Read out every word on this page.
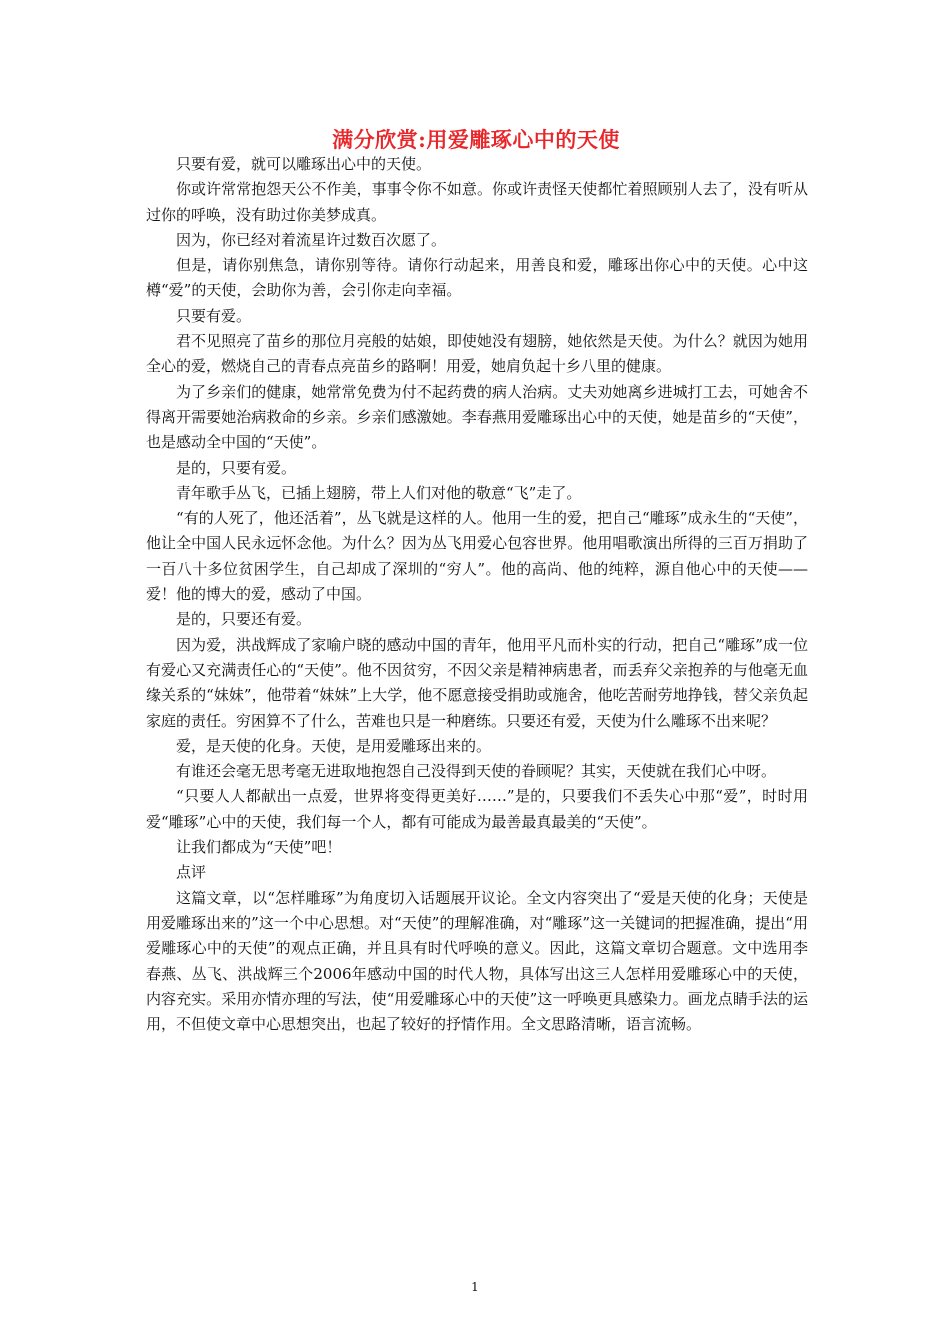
满分欣赏:用爱雕琢心中的天使

只要有爱，就可以雕琢出心中的天使。

你或许常常抱怨天公不作美，事事令你不如意。你或许责怪天使都忙着照顾别人去了，没有听从过你的呼唤，没有助过你美梦成真。

因为，你已经对着流星许过数百次愿了。

但是，请你别焦急，请你别等待。请你行动起来，用善良和爱，雕琢出你心中的天使。心中这樽“爱”的天使，会助你为善，会引你走向幸福。

只要有爱。

君不见照亮了苗乡的那位月亮般的姑娘，即使她没有翅膀，她依然是天使。为什么？就因为她用全心的爱，燃烧自己的青春点亮苗乡的路啊！用爱，她肩负起十乡八里的健康。

为了乡亲们的健康，她常常免费为付不起药费的病人治病。丈夫劝她离乡进城打工去，可她舍不得离开需要她治病救命的乡亲。乡亲们感激她。李春燕用爱雕琢出心中的天使，她是苗乡的“天使”，也是感动全中国的“天使”。

是的，只要有爱。

青年歌手丛飞，已插上翅膀，带上人们对他的敬意“飞”走了。

“有的人死了，他还活着”，丛飞就是这样的人。他用一生的爱，把自己“雕琢”成永生的“天使”，他让全中国人民永远怀念他。为什么？因为丛飞用爱心包容世界。他用唱歌演出所得的三百万捐助了一百八十多位贫困学生，自己却成了深圳的“穷人”。他的高尚、他的纯粹，源自他心中的天使——爱！他的博大的爱，感动了中国。

是的，只要还有爱。

因为爱，洪战辉成了家喻户晓的感动中国的青年，他用平凡而朴实的行动，把自己“雕琢”成一位有爱心又充满责任心的“天使”。他不因贫穷，不因父亲是精神病患者，而丢弃父亲抱养的与他毫无血缘关系的“妹妹”，他带着“妹妹”上大学，他不愿意接受捐助或施舍，他吃苦耐劳地挣钱，替父亲负起家庭的责任。穷困算不了什么，苦难也只是一种磨练。只要还有爱，天使为什么雕琢不出来呢？

爱，是天使的化身。天使，是用爱雕琢出来的。

有谁还会毫无思考毫无进取地抱怨自己没得到天使的眷顾呢？其实，天使就在我们心中呀。

“只要人人都献出一点爱，世界将变得更美好……”是的，只要我们不丢失心中那“爱”，时时用爱“雕琢”心中的天使，我们每一个人，都有可能成为最善最真最美的“天使”。

让我们都成为“天使”吧！

点评

这篇文章，以“怎样雕琢”为角度切入话题展开议论。全文内容突出了“爱是天使的化身；天使是用爱雕琢出来的”这一个中心思想。对“天使”的理解准确，对“雕琢”这一关键词的把握准确，提出“用爱雕琢心中的天使”的观点正确，并且具有时代呼唤的意义。因此，这篇文章切合题意。文中选用李春燕、丛飞、洪战辉三个2006年感动中国的时代人物，具体写出这三人怎样用爱雕琢心中的天使，内容充实。采用亦情亦理的写法，使“用爱雕琢心中的天使”这一呼唤更具感染力。画龙点睛手法的运用，不但使文章中心思想突出，也起了较好的抒情作用。全文思路清晰，语言流畅。

1
